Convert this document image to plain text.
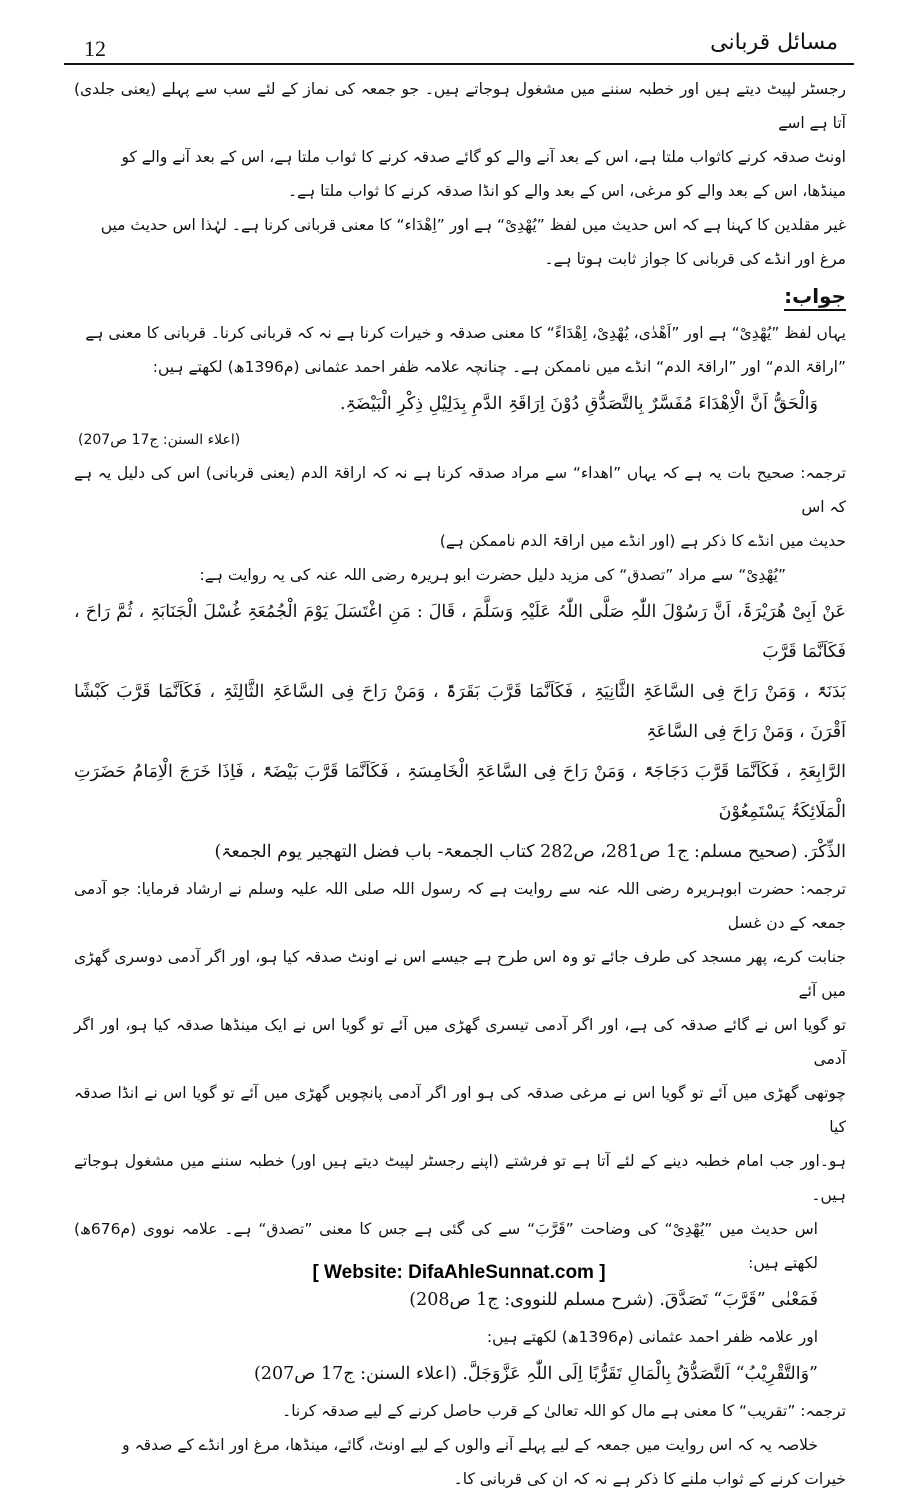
12	مسائل قربانی

رجسٹر لپیٹ دیتے ہیں اور خطبہ سننے میں مشغول ہوجاتے ہیں۔ جو جمعہ کی نماز کے لئے سب سے پہلے (یعنی جلدی) آتا ہے اسے

اونٹ صدقہ کرنے کاثواب ملتا ہے، اس کے بعد آنے والے کو گائے صدقہ کرنے کا ثواب ملتا ہے، اس کے بعد آنے والے کو

مینڈھا، اس کے بعد والے کو مرغی، اس کے بعد والے کو انڈا صدقہ کرنے کا ثواب ملتا ہے۔

غیر مقلدین کا کہنا ہے کہ اس حدیث میں لفظ ”یُھْدِیْ“ ہے اور ”اِھْدَاء“ کا معنی قربانی کرنا ہے۔ لہٰذا اس حدیث میں

مرغ اور انڈے کی قربانی کا جواز ثابت ہوتا ہے۔

جواب:

یہاں لفظ ”یُھْدِیْ“ ہے اور ”اَھْدٰی، یُھْدِیْ، اِھْدَاءً“ کا معنی صدقہ و خیرات کرنا ہے نہ کہ قربانی کرنا۔ قربانی کا معنی ہے

”اراقۃ الدم“ اور ”اراقۃ الدم“ انڈے میں ناممکن ہے۔ چنانچہ علامہ ظفر احمد عثمانی (م1396ھ) لکھتے ہیں:

وَالْحَقُّ اَنَّ الْاِھْدَاءَ مُفَسَّرٌ بِالتَّصَدُّقِ دُوْنَ اِرَاقَۃِ الدَّمِ بِدَلِیْلِ ذِکْرِ الْبَیْضَۃِ.

(اعلاء السنن: ج17 ص207)

ترجمہ: صحیح بات یہ ہے کہ یہاں ”اھداء“ سے مراد صدقہ کرنا ہے نہ کہ اراقۃ الدم (یعنی قربانی) اس کی دلیل یہ ہے کہ اس

حدیث میں انڈے کا ذکر ہے (اور انڈے میں اراقۃ الدم ناممکن ہے)

”یُھْدِیْ“ سے مراد ”تصدق“ کی مزید دلیل حضرت ابو ہریرہ رضی اللہ عنہ کی یہ روایت ہے:

عَنْ اَبِیْ ھُرَیْرَۃَ، اَنَّ رَسُوْلَ اللّٰہِ صَلَّی اللّٰہُ عَلَیْہِ وَسَلَّمَ ، قَالَ : مَنِ اغْتَسَلَ یَوْمَ الْجُمُعَۃِ غُسْلَ الْجَنَابَۃِ ، ثُمَّ رَاحَ ، فَکَاَنَّمَا قَرَّبَ

بَدَنَۃً ، وَمَنْ رَاحَ فِی السَّاعَۃِ الثَّانِیَۃِ ، فَکَاَنَّمَا قَرَّبَ بَقَرَۃً ، وَمَنْ رَاحَ فِی السَّاعَۃِ الثَّالِثَۃِ ، فَکَاَنَّمَا قَرَّبَ کَبْشًا اَقْرَنَ ، وَمَنْ رَاحَ فِی السَّاعَۃِ

الرَّابِعَۃِ ، فَکَاَنَّمَا قَرَّبَ دَجَاجَۃً ، وَمَنْ رَاحَ فِی السَّاعَۃِ الْخَامِسَۃِ ، فَکَاَنَّمَا قَرَّبَ بَیْضَۃً ، فَاِذَا خَرَجَ الْاِمَامُ حَضَرَتِ الْمَلَائِکَۃُ یَسْتَمِعُوْنَ

الذِّکْرَ. (صحیح مسلم: ج1 ص281، ص282 کتاب الجمعۃ- باب فضل التھجیر یوم الجمعۃ)

ترجمہ: حضرت ابوہریرہ رضی اللہ عنہ سے روایت ہے کہ رسول اللہ صلی اللہ علیہ وسلم نے ارشاد فرمایا: جو آدمی جمعہ کے دن غسل

جنابت کرے، پھر مسجد کی طرف جائے تو وہ اس طرح ہے جیسے اس نے اونٹ صدقہ کیا ہو، اور اگر آدمی دوسری گھڑی میں آئے

تو گویا اس نے گائے صدقہ کی ہے، اور اگر آدمی تیسری گھڑی میں آئے تو گویا اس نے ایک مینڈھا صدقہ کیا ہو، اور اگر آدمی

چوتھی گھڑی میں آئے تو گویا اس نے مرغی صدقہ کی ہو اور اگر آدمی پانچویں گھڑی میں آئے تو گویا اس نے انڈا صدقہ کیا

ہو۔اور جب امام خطبہ دینے کے لئے آتا ہے تو فرشتے (اپنے رجسٹر لپیٹ دیتے ہیں اور) خطبہ سننے میں مشغول ہوجاتے ہیں۔

اس حدیث میں ”یُھْدِیْ“ کی وضاحت ”قَرَّبَ“ سے کی گئی ہے جس کا معنی ”تصدق“ ہے۔ علامہ نووی (م676ھ) لکھتے ہیں:

فَمَعْنٰی ”قَرَّبَ“ تَصَدَّقَ. (شرح مسلم للنووی: ج1 ص208)

اور علامہ ظفر احمد عثمانی (م1396ھ) لکھتے ہیں:

”وَالتَّقْرِیْبُ“ اَلتَّصَدُّقُ بِالْمَالِ تَقَرُّبًا اِلَی اللّٰہِ عَزَّوَجَلَّ. (اعلاء السنن: ج17 ص207)

ترجمہ: ”تقریب“ کا معنی ہے مال کو اللہ تعالیٰ کے قرب حاصل کرنے کے لیے صدقہ کرنا۔

خلاصہ یہ کہ اس روایت میں جمعہ کے لیے پہلے آنے والوں کے لیے اونٹ، گائے، مینڈھا، مرغ اور انڈے کے صدقہ و

خیرات کرنے کے ثواب ملنے کا ذکر ہے نہ کہ ان کی قربانی کا۔

[ Website: DifaAhleSunnat.com ]
